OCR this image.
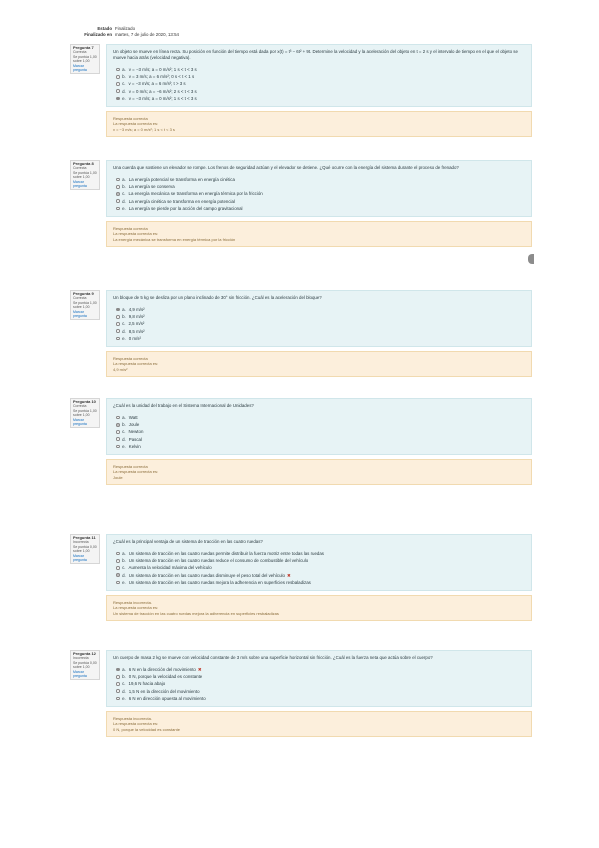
Estado Finalizado
Finalizado en martes, 7 de julio de 2020, 13:54
Pregunta 7
Correcta
Se puntúa 1,00 sobre 1,00
Marcar pregunta
Un objeto se mueve en línea recta. Su posición en función del tiempo está dada por x(t) = t³ − 6t² + 9t. Determine la velocidad y la aceleración del objeto en t = 2 s y el intervalo de tiempo en el que el objeto se mueve hacia atrás (velocidad negativa).
a. v = −3 m/s; a = 0 m/s²; 1 s < t < 3 s
b. v = 3 m/s; a = 6 m/s²; 0 s < t < 1 s
c. v = −3 m/s; a = 6 m/s²; t > 3 s
d. v = 0 m/s; a = −6 m/s²; 2 s < t < 3 s
e. v = −3 m/s; a = 0 m/s²; 1 s < t < 3 s
Respuesta correcta
La respuesta correcta es:
v = −3 m/s; a = 0 m/s²; 1 s < t < 3 s
Pregunta 8
Correcta
Se puntúa 1,00 sobre 1,00
Marcar pregunta
Una cuerda que sostiene un elevador se rompe. Los frenos de seguridad actúan y el elevador se detiene. ¿Qué ocurre con la energía del sistema durante el proceso de frenado?
a. La energía potencial se transforma en energía cinética
b. La energía se conserva
c. La energía mecánica se transforma en energía térmica por la fricción
d. La energía cinética se transforma en energía potencial
e. La energía se pierde por la acción del campo gravitacional
Respuesta correcta
La respuesta correcta es:
La energía mecánica se transforma en energía térmica por la fricción
Pregunta 9
Correcta
Se puntúa 1,00 sobre 1,00
Marcar pregunta
Un bloque de 5 kg se desliza por un plano inclinado de 30° sin fricción. ¿Cuál es la aceleración del bloque?
a. 4,9 m/s²
b. 9,8 m/s²
c. 2,5 m/s²
d. 8,5 m/s²
e. 0 m/s²
Respuesta correcta
La respuesta correcta es:
4,9 m/s²
Pregunta 10
Correcta
Se puntúa 1,00 sobre 1,00
Marcar pregunta
¿Cuál es la unidad del trabajo en el Sistema Internacional de Unidades?
a. Watt
b. Joule
c. Newton
d. Pascal
e. Kelvin
Respuesta correcta
La respuesta correcta es:
Joule
Pregunta 11
Incorrecta
Se puntúa 0,00 sobre 1,00
Marcar pregunta
¿Cuál es la principal ventaja de un sistema de tracción en las cuatro ruedas?
a. Un sistema de tracción en las cuatro ruedas permite distribuir la fuerza motriz entre todas las ruedas
b. Un sistema de tracción en las cuatro ruedas reduce el consumo de combustible del vehículo
c. Aumenta la velocidad máxima del vehículo
d. Un sistema de tracción en las cuatro ruedas disminuye el peso total del vehículo ✖
e. Un sistema de tracción en las cuatro ruedas mejora la adherencia en superficies resbaladizas
Respuesta incorrecta.
La respuesta correcta es:
Un sistema de tracción en las cuatro ruedas mejora la adherencia en superficies resbaladizas
Pregunta 12
Incorrecta
Se puntúa 0,00 sobre 1,00
Marcar pregunta
Un cuerpo de masa 2 kg se mueve con velocidad constante de 3 m/s sobre una superficie horizontal sin fricción. ¿Cuál es la fuerza neta que actúa sobre el cuerpo?
a. 6 N en la dirección del movimiento ✖
b. 0 N, porque la velocidad es constante
c. 19,6 N hacia abajo
d. 1,5 N en la dirección del movimiento
e. 6 N en dirección opuesta al movimiento
Respuesta incorrecta.
La respuesta correcta es:
0 N, porque la velocidad es constante
